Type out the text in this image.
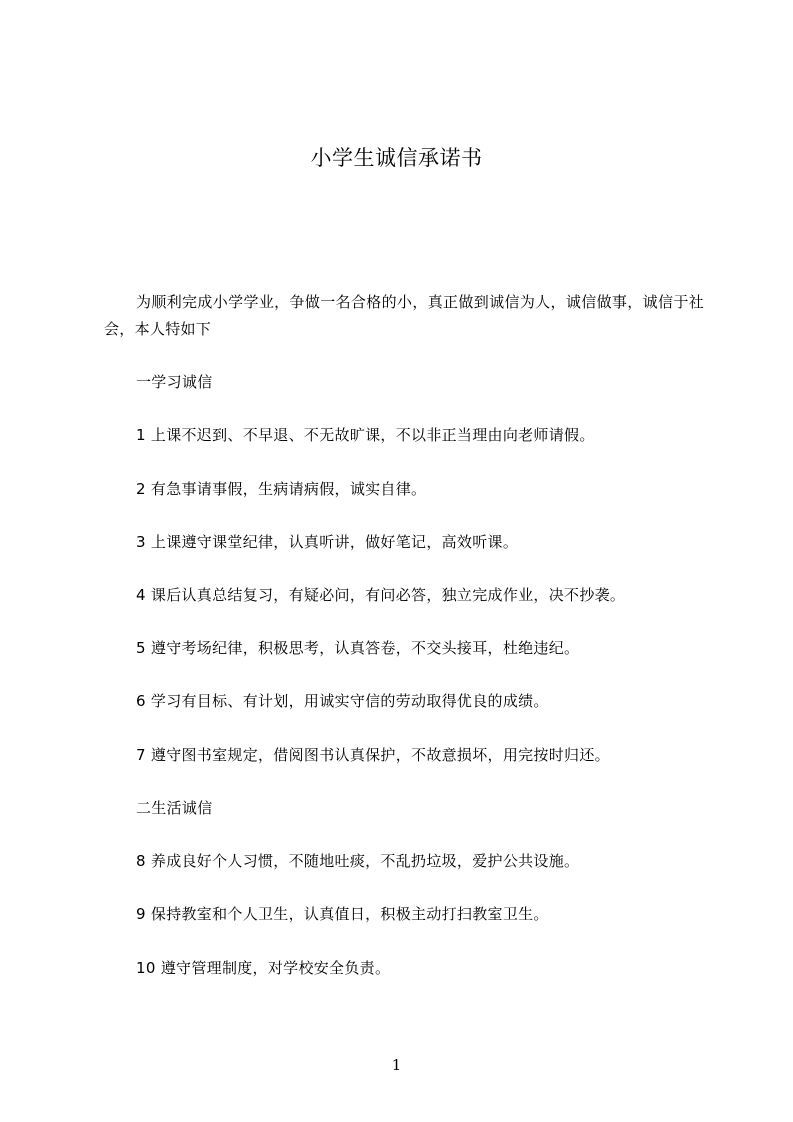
小学生诚信承诺书
为顺利完成小学学业，争做一名合格的小，真正做到诚信为人，诚信做事，诚信于社会，本人特如下
一学习诚信
1 上课不迟到、不早退、不无故旷课，不以非正当理由向老师请假。
2 有急事请事假，生病请病假，诚实自律。
3 上课遵守课堂纪律，认真听讲，做好笔记，高效听课。
4 课后认真总结复习，有疑必问，有问必答，独立完成作业，决不抄袭。
5 遵守考场纪律，积极思考，认真答卷，不交头接耳，杜绝违纪。
6 学习有目标、有计划，用诚实守信的劳动取得优良的成绩。
7 遵守图书室规定，借阅图书认真保护，不故意损坏，用完按时归还。
二生活诚信
8 养成良好个人习惯，不随地吐痰，不乱扔垃圾，爱护公共设施。
9 保持教室和个人卫生，认真值日，积极主动打扫教室卫生。
10 遵守管理制度，对学校安全负责。
1
